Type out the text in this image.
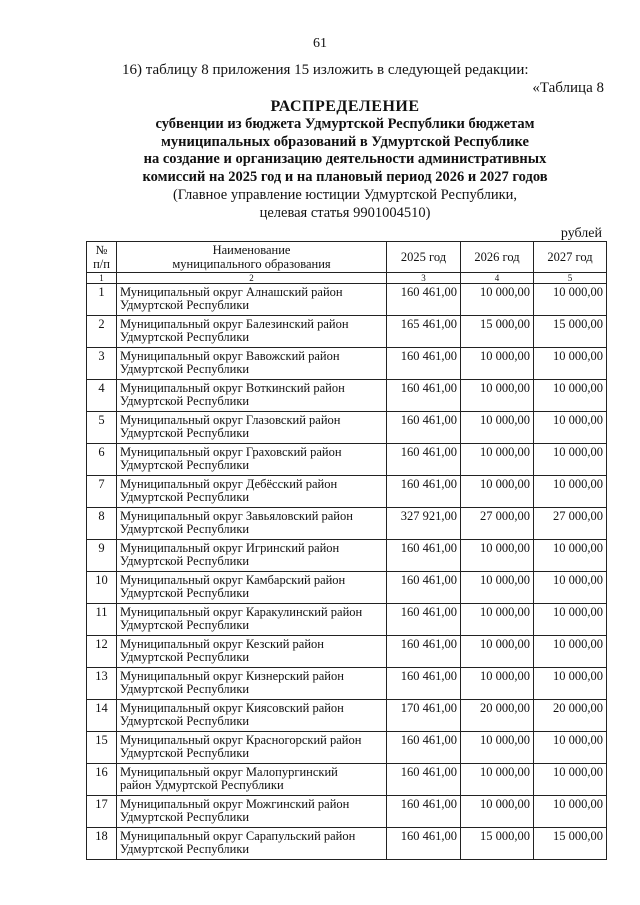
61
16) таблицу 8 приложения 15 изложить в следующей редакции:
«Таблица 8
РАСПРЕДЕЛЕНИЕ
субвенции из бюджета Удмуртской Республики бюджетам
муниципальных образований в Удмуртской Республике
на создание и организацию деятельности административных
комиссий на 2025 год и на плановый период 2026 и 2027 годов
(Главное управление юстиции Удмуртской Республики,
целевая статья 9901004510)
рублей
№
п/п	Наименование
муниципального образования	2025 год	2026 год	2027 год
1	2	3	4	5
1	Муниципальный округ Алнашский район
Удмуртской Республики	160 461,00	10 000,00	10 000,00
2	Муниципальный округ Балезинский район
Удмуртской Республики	165 461,00	15 000,00	15 000,00
3	Муниципальный округ Вавожский район
Удмуртской Республики	160 461,00	10 000,00	10 000,00
4	Муниципальный округ Воткинский район
Удмуртской Республики	160 461,00	10 000,00	10 000,00
5	Муниципальный округ Глазовский район
Удмуртской Республики	160 461,00	10 000,00	10 000,00
6	Муниципальный округ Граховский район
Удмуртской Республики	160 461,00	10 000,00	10 000,00
7	Муниципальный округ Дебёсский район
Удмуртской Республики	160 461,00	10 000,00	10 000,00
8	Муниципальный округ Завьяловский район
Удмуртской Республики	327 921,00	27 000,00	27 000,00
9	Муниципальный округ Игринский район
Удмуртской Республики	160 461,00	10 000,00	10 000,00
10	Муниципальный округ Камбарский район
Удмуртской Республики	160 461,00	10 000,00	10 000,00
11	Муниципальный округ Каракулинский район
Удмуртской Республики	160 461,00	10 000,00	10 000,00
12	Муниципальный округ Кезский район
Удмуртской Республики	160 461,00	10 000,00	10 000,00
13	Муниципальный округ Кизнерский район
Удмуртской Республики	160 461,00	10 000,00	10 000,00
14	Муниципальный округ Киясовский район
Удмуртской Республики	170 461,00	20 000,00	20 000,00
15	Муниципальный округ Красногорский район
Удмуртской Республики	160 461,00	10 000,00	10 000,00
16	Муниципальный округ Малопургинский
район Удмуртской Республики	160 461,00	10 000,00	10 000,00
17	Муниципальный округ Можгинский район
Удмуртской Республики	160 461,00	10 000,00	10 000,00
18	Муниципальный округ Сарапульский район
Удмуртской Республики	160 461,00	15 000,00	15 000,00
